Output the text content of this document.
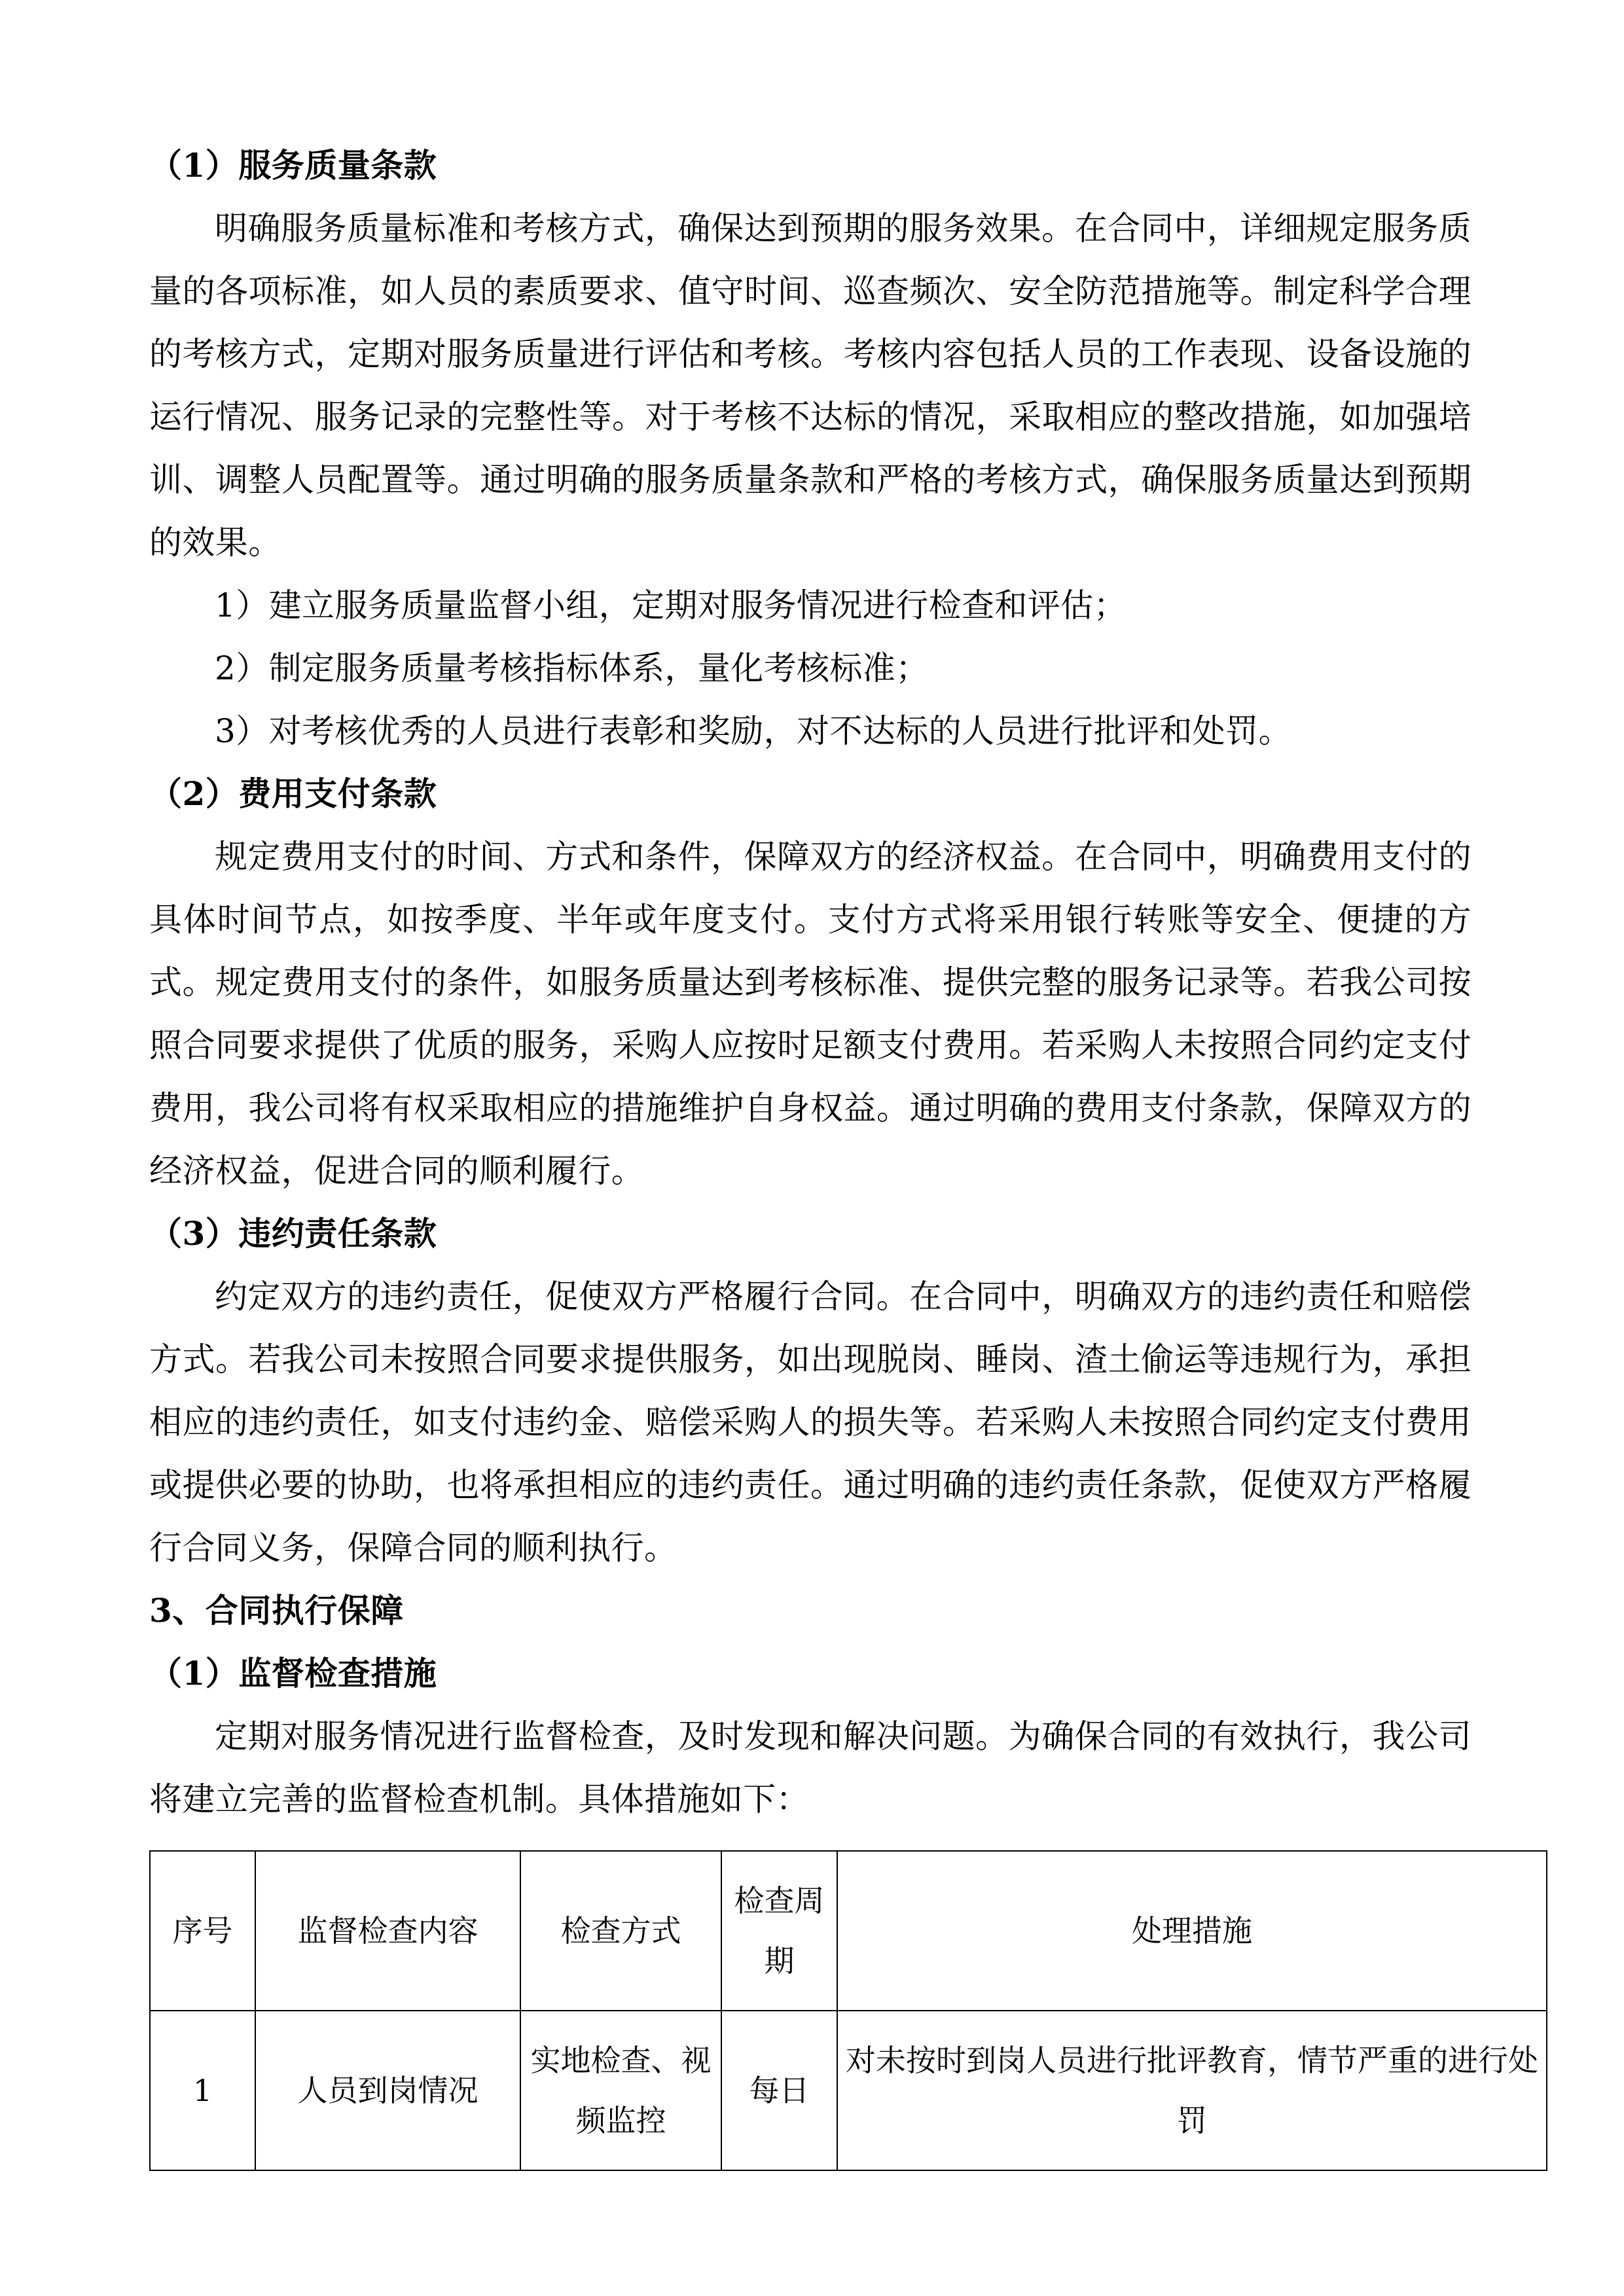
（1）服务质量条款

明确服务质量标准和考核方式，确保达到预期的服务效果。在合同中，详细规定服务质量的各项标准，如人员的素质要求、值守时间、巡查频次、安全防范措施等。制定科学合理的考核方式，定期对服务质量进行评估和考核。考核内容包括人员的工作表现、设备设施的运行情况、服务记录的完整性等。对于考核不达标的情况，采取相应的整改措施，如加强培训、调整人员配置等。通过明确的服务质量条款和严格的考核方式，确保服务质量达到预期的效果。

1）建立服务质量监督小组，定期对服务情况进行检查和评估；

2）制定服务质量考核指标体系，量化考核标准；

3）对考核优秀的人员进行表彰和奖励，对不达标的人员进行批评和处罚。

（2）费用支付条款

规定费用支付的时间、方式和条件，保障双方的经济权益。在合同中，明确费用支付的具体时间节点，如按季度、半年或年度支付。支付方式将采用银行转账等安全、便捷的方式。规定费用支付的条件，如服务质量达到考核标准、提供完整的服务记录等。若我公司按照合同要求提供了优质的服务，采购人应按时足额支付费用。若采购人未按照合同约定支付费用，我公司将有权采取相应的措施维护自身权益。通过明确的费用支付条款，保障双方的经济权益，促进合同的顺利履行。

（3）违约责任条款

约定双方的违约责任，促使双方严格履行合同。在合同中，明确双方的违约责任和赔偿方式。若我公司未按照合同要求提供服务，如出现脱岗、睡岗、渣土偷运等违规行为，承担相应的违约责任，如支付违约金、赔偿采购人的损失等。若采购人未按照合同约定支付费用或提供必要的协助，也将承担相应的违约责任。通过明确的违约责任条款，促使双方严格履行合同义务，保障合同的顺利执行。

3、合同执行保障
（1）监督检查措施

定期对服务情况进行监督检查，及时发现和解决问题。为确保合同的有效执行，我公司将建立完善的监督检查机制。具体措施如下：

序号	监督检查内容	检查方式	检查周期	处理措施
1	人员到岗情况	实地检查、视频监控	每日	对未按时到岗人员进行批评教育，情节严重的进行处罚
